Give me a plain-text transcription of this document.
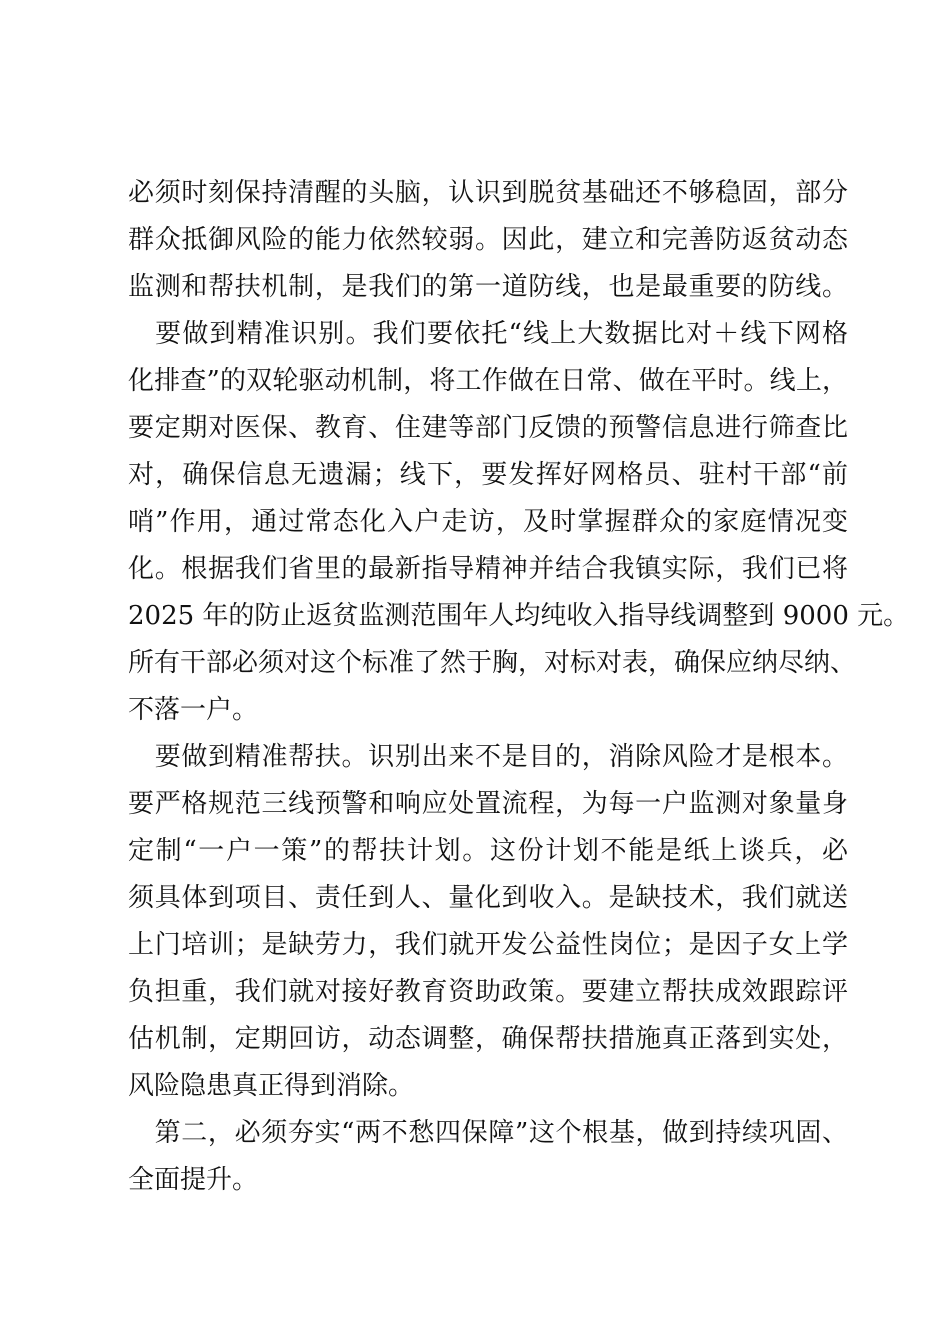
必须时刻保持清醒的头脑，认识到脱贫基础还不够稳固，部分
群众抵御风险的能力依然较弱。因此，建立和完善防返贫动态
监测和帮扶机制，是我们的第一道防线，也是最重要的防线。
　要做到精准识别。我们要依托“线上大数据比对＋线下网格
化排查”的双轮驱动机制，将工作做在日常、做在平时。线上，
要定期对医保、教育、住建等部门反馈的预警信息进行筛查比
对，确保信息无遗漏；线下，要发挥好网格员、驻村干部“前
哨”作用，通过常态化入户走访，及时掌握群众的家庭情况变
化。根据我们省里的最新指导精神并结合我镇实际，我们已将
2025 年的防止返贫监测范围年人均纯收入指导线调整到 9000 元。
所有干部必须对这个标准了然于胸，对标对表，确保应纳尽纳、
不落一户。
　要做到精准帮扶。识别出来不是目的，消除风险才是根本。
要严格规范三线预警和响应处置流程，为每一户监测对象量身
定制“一户一策”的帮扶计划。这份计划不能是纸上谈兵，必
须具体到项目、责任到人、量化到收入。是缺技术，我们就送
上门培训；是缺劳力，我们就开发公益性岗位；是因子女上学
负担重，我们就对接好教育资助政策。要建立帮扶成效跟踪评
估机制，定期回访，动态调整，确保帮扶措施真正落到实处，
风险隐患真正得到消除。
　第二，必须夯实“两不愁四保障”这个根基，做到持续巩固、
全面提升。
